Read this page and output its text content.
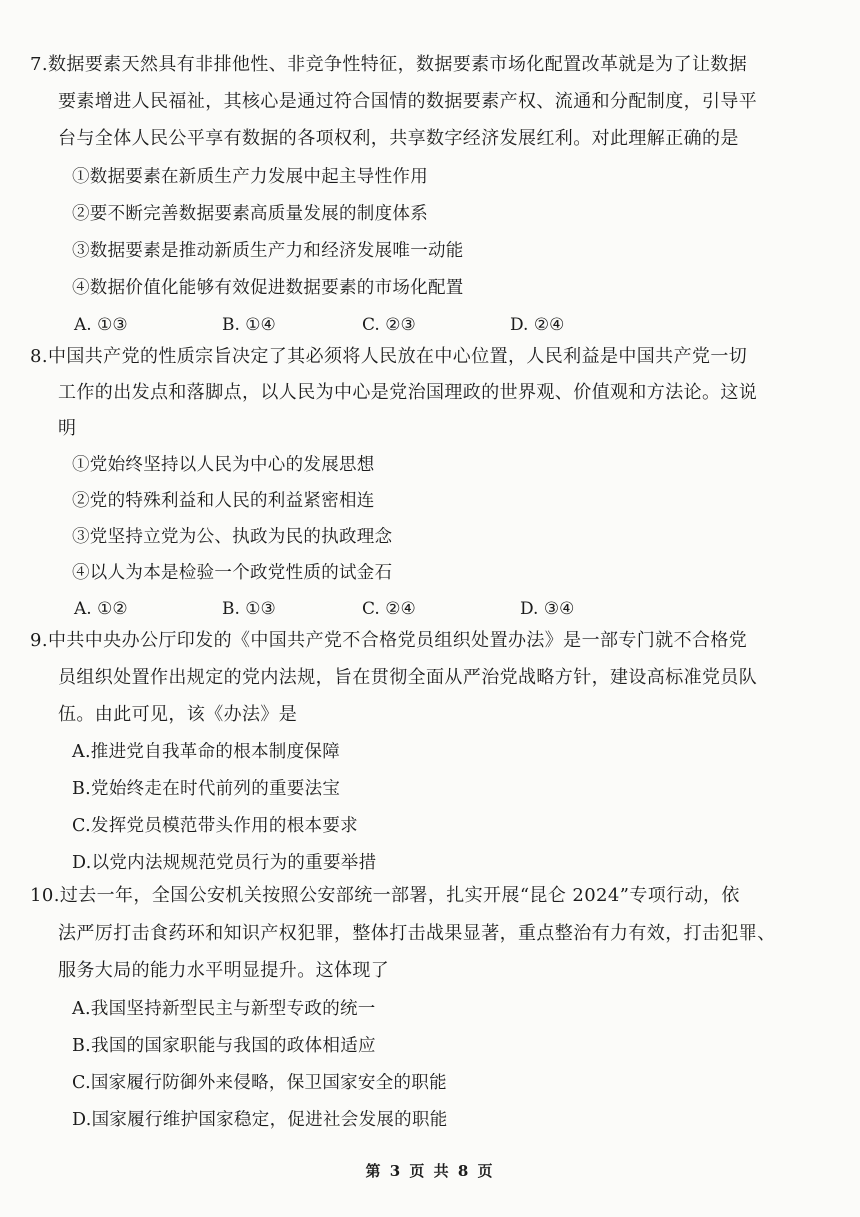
7.数据要素天然具有非排他性、非竞争性特征，数据要素市场化配置改革就是为了让数据
要素增进人民福祉，其核心是通过符合国情的数据要素产权、流通和分配制度，引导平
台与全体人民公平享有数据的各项权利，共享数字经济发展红利。对此理解正确的是
①数据要素在新质生产力发展中起主导性作用
②要不断完善数据要素高质量发展的制度体系
③数据要素是推动新质生产力和经济发展唯一动能
④数据价值化能够有效促进数据要素的市场化配置
A. ①③	B. ①④	C. ②③	D. ②④
8.中国共产党的性质宗旨决定了其必须将人民放在中心位置，人民利益是中国共产党一切
工作的出发点和落脚点，以人民为中心是党治国理政的世界观、价值观和方法论。这说
明
①党始终坚持以人民为中心的发展思想
②党的特殊利益和人民的利益紧密相连
③党坚持立党为公、执政为民的执政理念
④以人为本是检验一个政党性质的试金石
A. ①②	B. ①③	C. ②④	D. ③④
9.中共中央办公厅印发的《中国共产党不合格党员组织处置办法》是一部专门就不合格党
员组织处置作出规定的党内法规，旨在贯彻全面从严治党战略方针，建设高标准党员队
伍。由此可见，该《办法》是
A.推进党自我革命的根本制度保障
B.党始终走在时代前列的重要法宝
C.发挥党员模范带头作用的根本要求
D.以党内法规规范党员行为的重要举措
10.过去一年，全国公安机关按照公安部统一部署，扎实开展“昆仑 2024”专项行动，依
法严厉打击食药环和知识产权犯罪，整体打击战果显著，重点整治有力有效，打击犯罪、
服务大局的能力水平明显提升。这体现了
A.我国坚持新型民主与新型专政的统一
B.我国的国家职能与我国的政体相适应
C.国家履行防御外来侵略，保卫国家安全的职能
D.国家履行维护国家稳定，促进社会发展的职能
第 3 页 共 8 页
